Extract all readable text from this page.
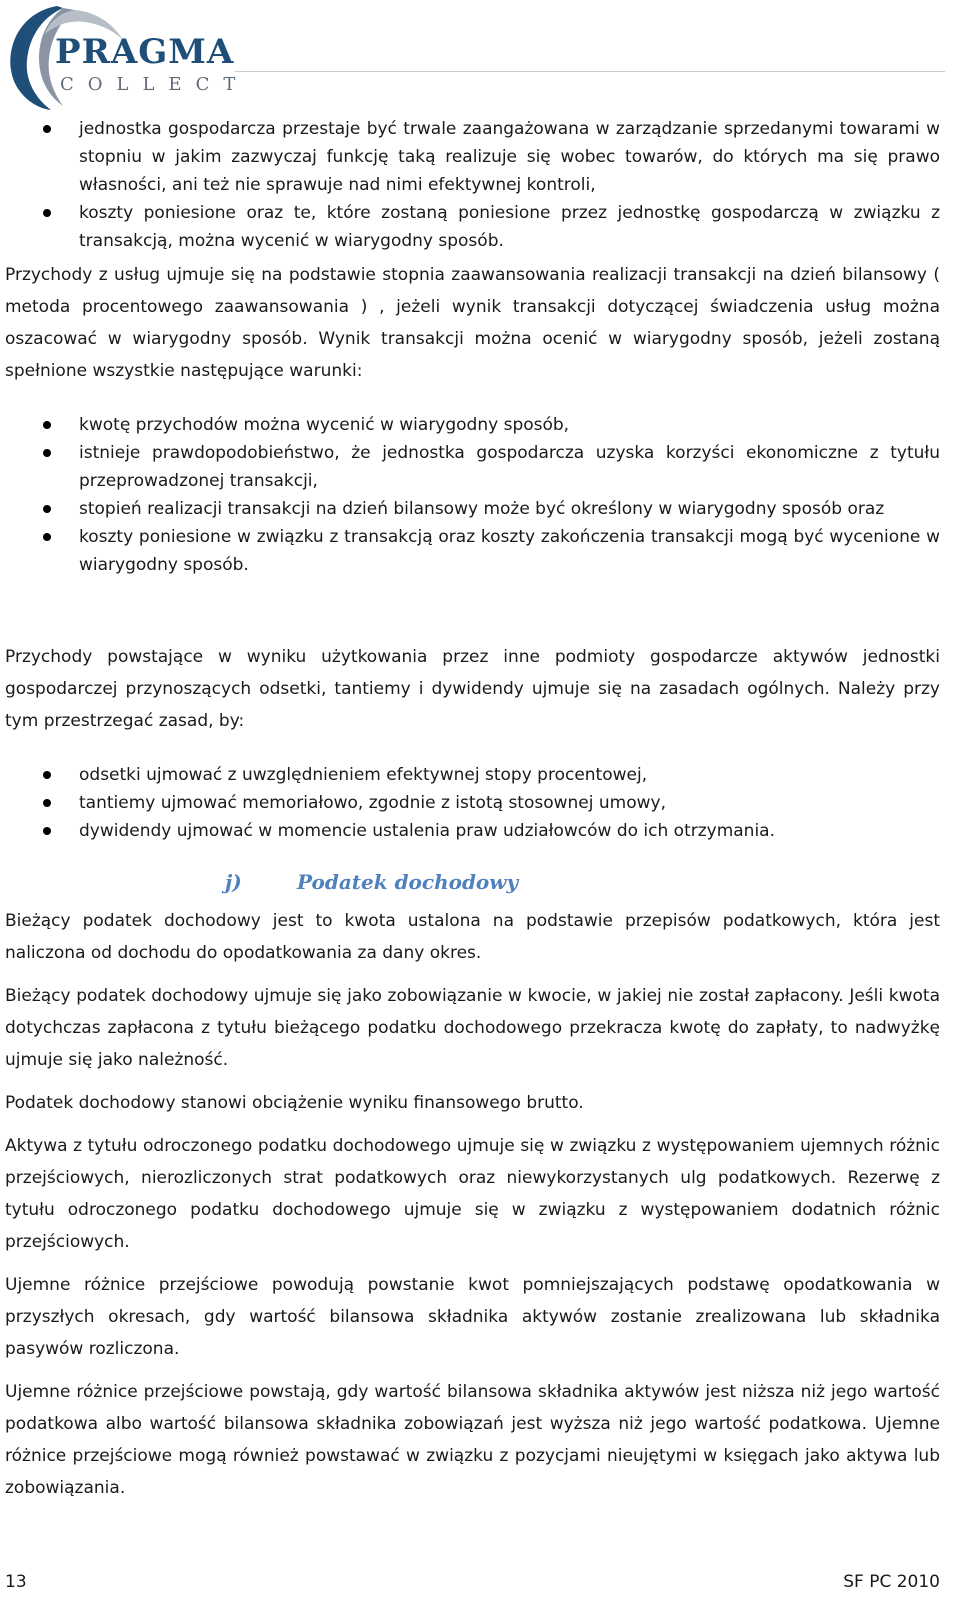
PRAGMA
COLLECT
jednostka gospodarcza przestaje być trwale zaangażowana w zarządzanie sprzedanymi towarami w stopniu w jakim zazwyczaj funkcję taką realizuje się wobec towarów, do których ma się prawo własności, ani też nie sprawuje nad nimi efektywnej kontroli,
koszty poniesione oraz te, które zostaną poniesione przez jednostkę gospodarczą w związku z transakcją, można wycenić w wiarygodny sposób.

Przychody z usług ujmuje się na podstawie stopnia zaawansowania realizacji transakcji na dzień bilansowy ( metoda procentowego zaawansowania ) , jeżeli wynik transakcji dotyczącej świadczenia usług można oszacować w wiarygodny sposób. Wynik transakcji można ocenić w wiarygodny sposób, jeżeli zostaną spełnione wszystkie następujące warunki:

kwotę przychodów można wycenić w wiarygodny sposób,
istnieje prawdopodobieństwo, że jednostka gospodarcza uzyska korzyści ekonomiczne z tytułu przeprowadzonej transakcji,
stopień realizacji transakcji na dzień bilansowy może być określony w wiarygodny sposób oraz
koszty poniesione w związku z transakcją oraz koszty zakończenia transakcji mogą być wycenione w wiarygodny sposób.

Przychody powstające w wyniku użytkowania przez inne podmioty gospodarcze aktywów jednostki gospodarczej przynoszących odsetki, tantiemy i dywidendy ujmuje się na zasadach ogólnych. Należy przy tym przestrzegać zasad, by:

odsetki ujmować z uwzględnieniem efektywnej stopy procentowej,
tantiemy ujmować memoriałowo, zgodnie z istotą stosownej umowy,
dywidendy ujmować w momencie ustalenia praw udziałowców do ich otrzymania.
j)	Podatek dochodowy

Bieżący podatek dochodowy jest to kwota ustalona na podstawie przepisów podatkowych, która jest naliczona od dochodu do opodatkowania za dany okres.

Bieżący podatek dochodowy ujmuje się jako zobowiązanie w kwocie, w jakiej nie został zapłacony. Jeśli kwota dotychczas zapłacona z tytułu bieżącego podatku dochodowego przekracza kwotę do zapłaty, to nadwyżkę ujmuje się jako należność.

Podatek dochodowy stanowi obciążenie wyniku finansowego brutto.

Aktywa z tytułu odroczonego podatku dochodowego ujmuje się w związku z występowaniem ujemnych różnic przejściowych, nierozliczonych strat podatkowych oraz niewykorzystanych ulg podatkowych. Rezerwę z tytułu odroczonego podatku dochodowego ujmuje się w związku z występowaniem dodatnich różnic przejściowych.

Ujemne różnice przejściowe powodują powstanie kwot pomniejszających podstawę opodatkowania w przyszłych okresach, gdy wartość bilansowa składnika aktywów zostanie zrealizowana lub składnika pasywów rozliczona.

Ujemne różnice przejściowe powstają, gdy wartość bilansowa składnika aktywów jest niższa niż jego wartość podatkowa albo wartość bilansowa składnika zobowiązań jest wyższa niż jego wartość podatkowa. Ujemne różnice przejściowe mogą również powstawać w związku z pozycjami nieujętymi w księgach jako aktywa lub zobowiązania.

13	SF PC 2010
